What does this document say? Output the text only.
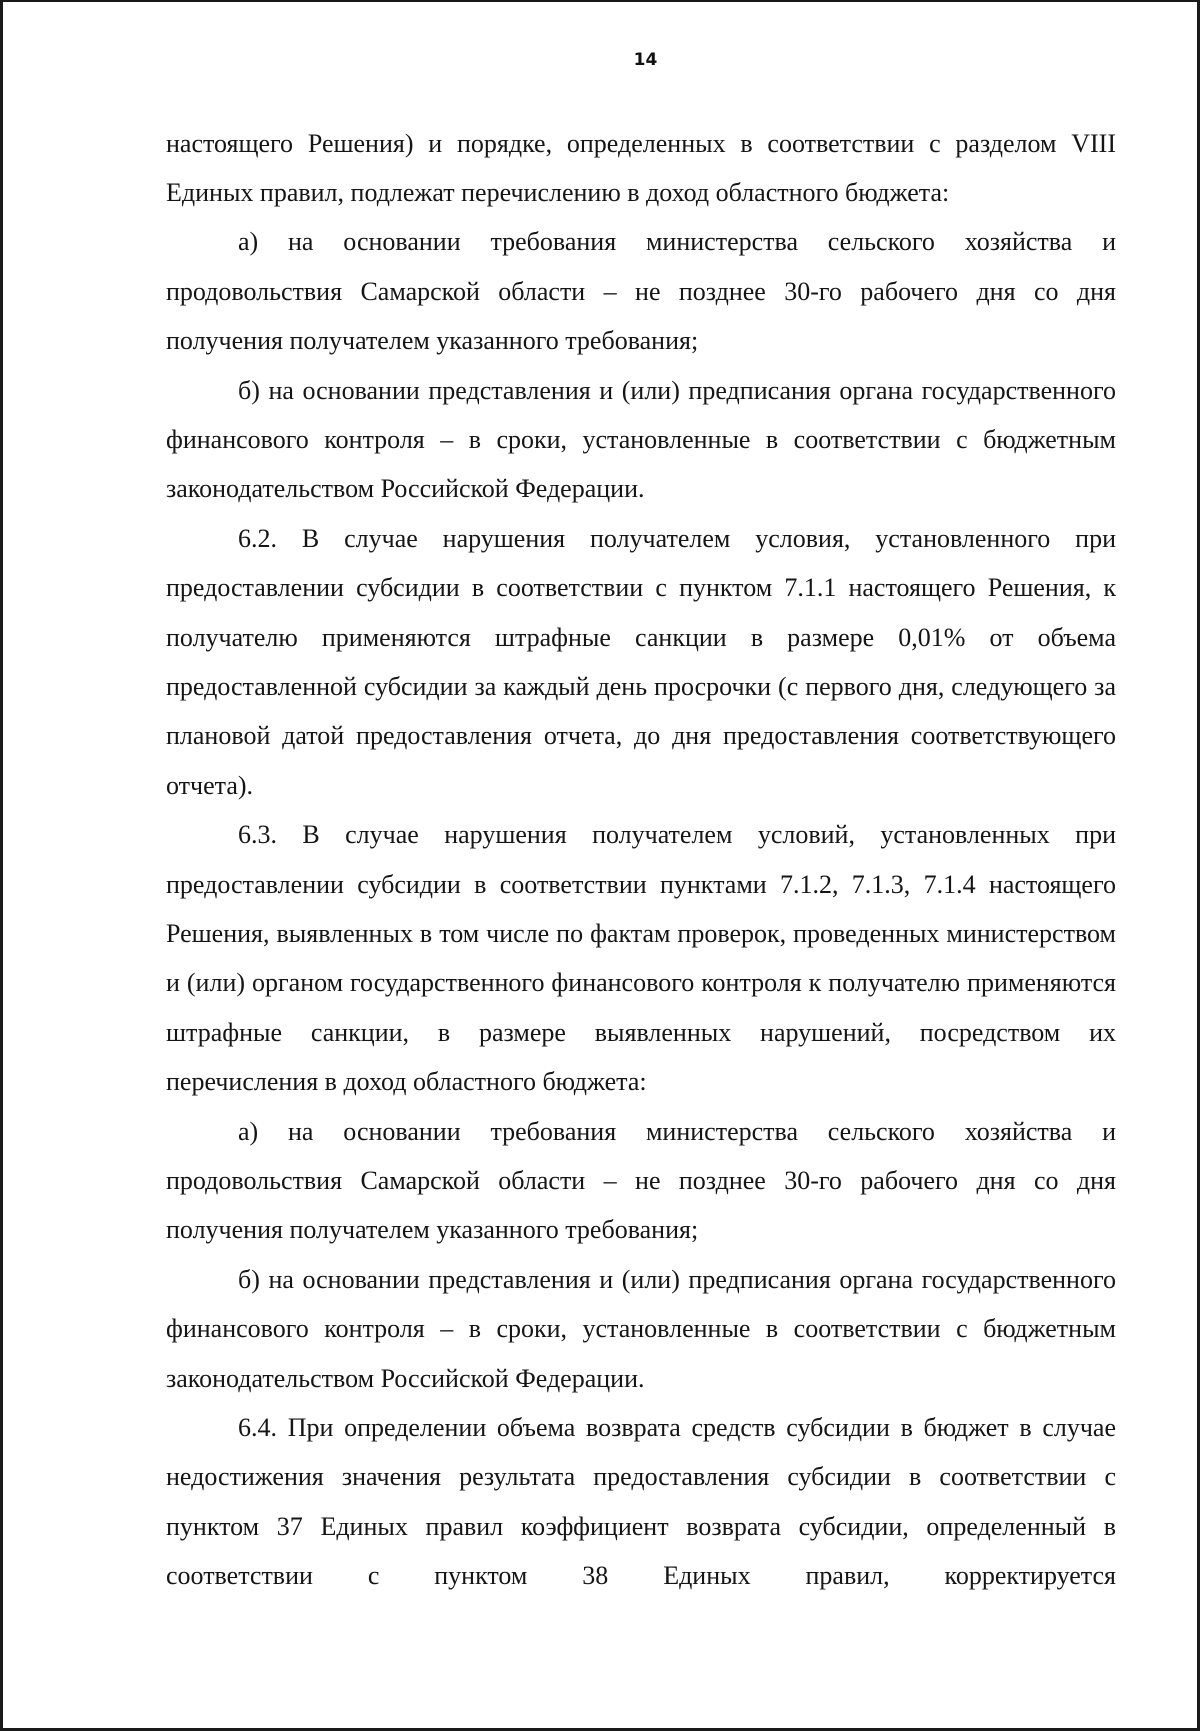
14

настоящего Решения) и порядке, определенных в соответствии с разделом VIII Единых правил, подлежат перечислению в доход областного бюджета:

а) на основании требования министерства сельского хозяйства и продовольствия Самарской области – не позднее 30-го рабочего дня со дня получения получателем указанного требования;

б) на основании представления и (или) предписания органа государственного финансового контроля – в сроки, установленные в соответствии с бюджетным законодательством Российской Федерации.

6.2. В случае нарушения получателем условия, установленного при предоставлении субсидии в соответствии с пунктом 7.1.1 настоящего Решения, к получателю применяются штрафные санкции в размере 0,01% от объема предоставленной субсидии за каждый день просрочки (с первого дня, следующего за плановой датой предоставления отчета, до дня предоставления соответствующего отчета).

6.3. В случае нарушения получателем условий, установленных при предоставлении субсидии в соответствии пунктами 7.1.2, 7.1.3, 7.1.4 настоящего Решения, выявленных в том числе по фактам проверок, проведенных министерством и (или) органом государственного финансового контроля к получателю применяются штрафные санкции, в размере выявленных нарушений, посредством их перечисления в доход областного бюджета:

а) на основании требования министерства сельского хозяйства и продовольствия Самарской области – не позднее 30-го рабочего дня со дня получения получателем указанного требования;

б) на основании представления и (или) предписания органа государственного финансового контроля – в сроки, установленные в соответствии с бюджетным законодательством Российской Федерации.

6.4. При определении объема возврата средств субсидии в бюджет в случае недостижения значения результата предоставления субсидии в соответствии с пунктом 37 Единых правил коэффициент возврата субсидии, определенный в соответствии с пунктом 38 Единых правил, корректируется
